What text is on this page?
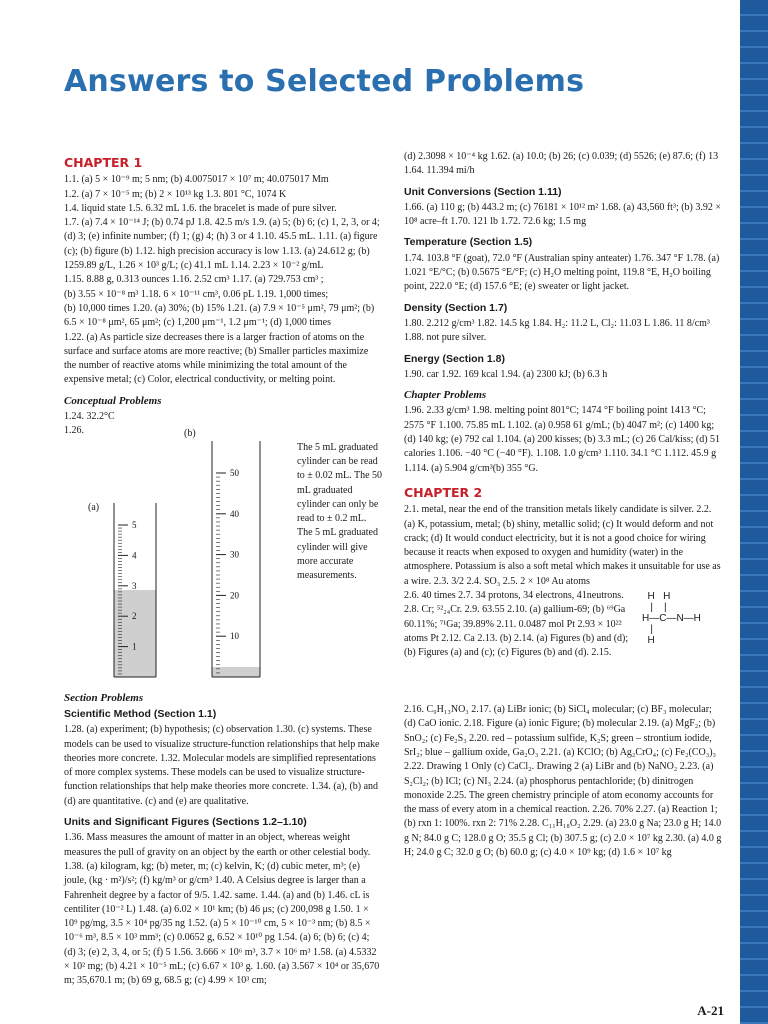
Answers to Selected Problems

CHAPTER 1

1.1. (a) 5 × 10⁻⁹ m; 5 nm; (b) 4.0075017 × 10⁷ m; 40.075017 Mm

1.2. (a) 7 × 10⁻⁵ m; (b) 2 × 10¹³ kg 1.3. 801 °C, 1074 K

1.4. liquid state 1.5. 6.32 mL 1.6. the bracelet is made of pure silver.

1.7. (a) 7.4 × 10⁻¹⁴ J; (b) 0.74 pJ 1.8. 42.5 m/s 1.9. (a) 5; (b) 6; (c) 1, 2, 3, or 4; (d) 3; (e) infinite number; (f) 1; (g) 4; (h) 3 or 4 1.10. 45.5 mL. 1.11. (a) figure (c); (b) figure (b) 1.12. high precision accuracy is low 1.13. (a) 24.612 g; (b) 1259.89 g/L, 1.26 × 10³ g/L; (c) 41.1 mL 1.14. 2.23 × 10⁻² g/mL

1.15. 8.88 g, 0.313 ounces 1.16. 2.52 cm³ 1.17. (a) 729.753 cm³ ;

(b) 3.55 × 10⁻⁸ m³ 1.18. 6 × 10⁻¹¹ cm³, 0.06 pL 1.19. 1,000 times;

(b) 10,000 times 1.20. (a) 30%; (b) 15% 1.21. (a) 7.9 × 10⁻⁵ μm², 79 μm²; (b) 6.5 × 10⁻⁸ μm², 65 μm²; (c) 1,200 μm⁻¹, 1.2 μm⁻¹; (d) 1,000 times

1.22. (a) As particle size decreases there is a larger fraction of atoms on the surface and surface atoms are more reactive; (b) Smaller particles maximize the number of reactive atoms while minimizing the total amount of the expensive metal; (c) Color, electrical conductivity, or melting point.

Conceptual Problems

1.24. 32.2°C

1.26.	(b)
(a)
1
2
3
4
5
10
20
30
40
50

The 5 mL graduated cylinder can be read to ± 0.02 mL. The 50 mL graduated cylinder can only be read to ± 0.2 mL. The 5 mL graduated cylinder will give more accurate measurements.

Section Problems

Scientific Method (Section 1.1)

1.28. (a) experiment; (b) hypothesis; (c) observation 1.30. (c) systems. These models can be used to visualize structure-function relationships that help make theories more concrete. 1.32. Molecular models are simplified representations of more complex systems. These models can be used to visualize structure-function relationships that help make theories more concrete. 1.34. (a), (b) and (d) are quantitative. (c) and (e) are qualitative.

Units and Significant Figures (Sections 1.2–1.10)

1.36. Mass measures the amount of matter in an object, whereas weight measures the pull of gravity on an object by the earth or other celestial body. 1.38. (a) kilogram, kg; (b) meter, m; (c) kelvin, K; (d) cubic meter, m³; (e) joule, (kg · m²)/s²; (f) kg/m³ or g/cm³ 1.40. A Celsius degree is larger than a Fahrenheit degree by a factor of 9/5. 1.42. same. 1.44. (a) and (b) 1.46. cL is centiliter (10⁻² L) 1.48. (a) 6.02 × 10¹ km; (b) 46 μs; (c) 200,098 g 1.50. 1 × 10⁹ pg/mg, 3.5 × 10⁴ pg/35 ng 1.52. (a) 5 × 10⁻¹⁰ cm, 5 × 10⁻³ nm; (b) 8.5 × 10⁻⁶ m³, 8.5 × 10³ mm³; (c) 0.0652 g, 6.52 × 10¹⁰ pg 1.54. (a) 6; (b) 6; (c) 4; (d) 3; (e) 2, 3, 4, or 5; (f) 5 1.56. 3.666 × 10⁶ m³, 3.7 × 10⁶ m³ 1.58. (a) 4.5332 × 10² mg; (b) 4.21 × 10⁻⁵ mL; (c) 6.67 × 10³ g. 1.60. (a) 3.567 × 10⁴ or 35,670 m; 35,670.1 m; (b) 69 g, 68.5 g; (c) 4.99 × 10³ cm;

(d) 2.3098 × 10⁻⁴ kg 1.62. (a) 10.0; (b) 26; (c) 0.039; (d) 5526; (e) 87.6; (f) 13 1.64. 11.394 mi/h

Unit Conversions (Section 1.11)

1.66. (a) 110 g; (b) 443.2 m; (c) 76181 × 10¹² m² 1.68. (a) 43,560 ft³; (b) 3.92 × 10⁸ acre–ft 1.70. 121 lb 1.72. 72.6 kg; 1.5 mg

Temperature (Section 1.5)

1.74. 103.8 °F (goat), 72.0 °F (Australian spiny anteater) 1.76. 347 °F 1.78. (a) 1.021 °E/°C; (b) 0.5675 °E/°F; (c) H₂O melting point, 119.8 °E, H₂O boiling point, 222.0 °E; (d) 157.6 °E; (e) sweater or light jacket.

Density (Section 1.7)

1.80. 2.212 g/cm³ 1.82. 14.5 kg 1.84. H₂: 11.2 L, Cl₂: 11.03 L 1.86. 11 8/cm³ 1.88. not pure silver.

Energy (Section 1.8)

1.90. car 1.92. 169 kcal 1.94. (a) 2300 kJ; (b) 6.3 h

Chapter Problems

1.96. 2.33 g/cm³ 1.98. melting point 801°C; 1474 °F boiling point 1413 °C; 2575 °F 1.100. 75.85 mL 1.102. (a) 0.958 61 g/mL; (b) 4047 m²; (c) 1400 kg; (d) 140 kg; (e) 792 cal 1.104. (a) 200 kisses; (b) 3.3 mL; (c) 26 Cal/kiss; (d) 51 calories 1.106. −40 °C (−40 °F). 1.108. 1.0 g/cm³ 1.110. 34.1 °C 1.112. 45.9 g 1.114. (a) 5.904 g/cm³(b) 355 °G.

CHAPTER 2

2.1. metal, near the end of the transition metals likely candidate is silver. 2.2. (a) K, potassium, metal; (b) shiny, metallic solid; (c) It would deform and not crack; (d) It would conduct electricity, but it is not a good choice for wiring because it reacts when exposed to oxygen and humidity (water) in the atmosphere. Potassium is also a soft metal which makes it unsuitable for use as a wire. 2.3. 3/2 2.4. SO₃ 2.5. 2 × 10⁸ Au atoms

2.6. 40 times 2.7. 34 protons, 34 electrons, 41neutrons. 2.8. Cr; ⁵²₂₄Cr. 2.9. 63.55 2.10. (a) gallium-69; (b) ⁶⁹Ga 60.11%; ⁷¹Ga; 39.89% 2.11. 0.0487 mol Pt 2.93 × 10²² atoms Pt 2.12. Ca 2.13. (b) 2.14. (a) Figures (b) and (d); (b) Figures (a) and (c); (c) Figures (b) and (d). 2.15.

H   H
|    |
H—C—N—H
|
H

2.16. C₉H₁₃NO₃ 2.17. (a) LiBr ionic; (b) SiCl₄ molecular; (c) BF₃ molecular; (d) CaO ionic. 2.18. Figure (a) ionic Figure; (b) molecular 2.19. (a) MgF₂; (b) SnO₂; (c) Fe₂S₃ 2.20. red – potassium sulfide, K₂S; green – strontium iodide, SrI₂; blue – gallium oxide, Ga₂O₃ 2.21. (a) KClO; (b) Ag₂CrO₄; (c) Fe₂(CO₃)₃ 2.22. Drawing 1 Only (c) CaCl₂. Drawing 2 (a) LiBr and (b) NaNO₂ 2.23. (a) S₂Cl₂; (b) ICl; (c) NI₃ 2.24. (a) phosphorus pentachloride; (b) dinitrogen monoxide 2.25. The green chemistry principle of atom economy accounts for the mass of every atom in a chemical reaction. 2.26. 70% 2.27. (a) Reaction 1; (b) rxn 1: 100%. rxn 2: 71% 2.28. C₁₁H₁₈O₂ 2.29. (a) 23.0 g Na; 23.0 g H; 14.0 g N; 84.0 g C; 128.0 g O; 35.5 g Cl; (b) 307.5 g; (c) 2.0 × 10⁷ kg 2.30. (a) 4.0 g H; 24.0 g C; 32.0 g O; (b) 60.0 g; (c) 4.0 × 10⁹ kg; (d) 1.6 × 10⁷ kg

A-21
